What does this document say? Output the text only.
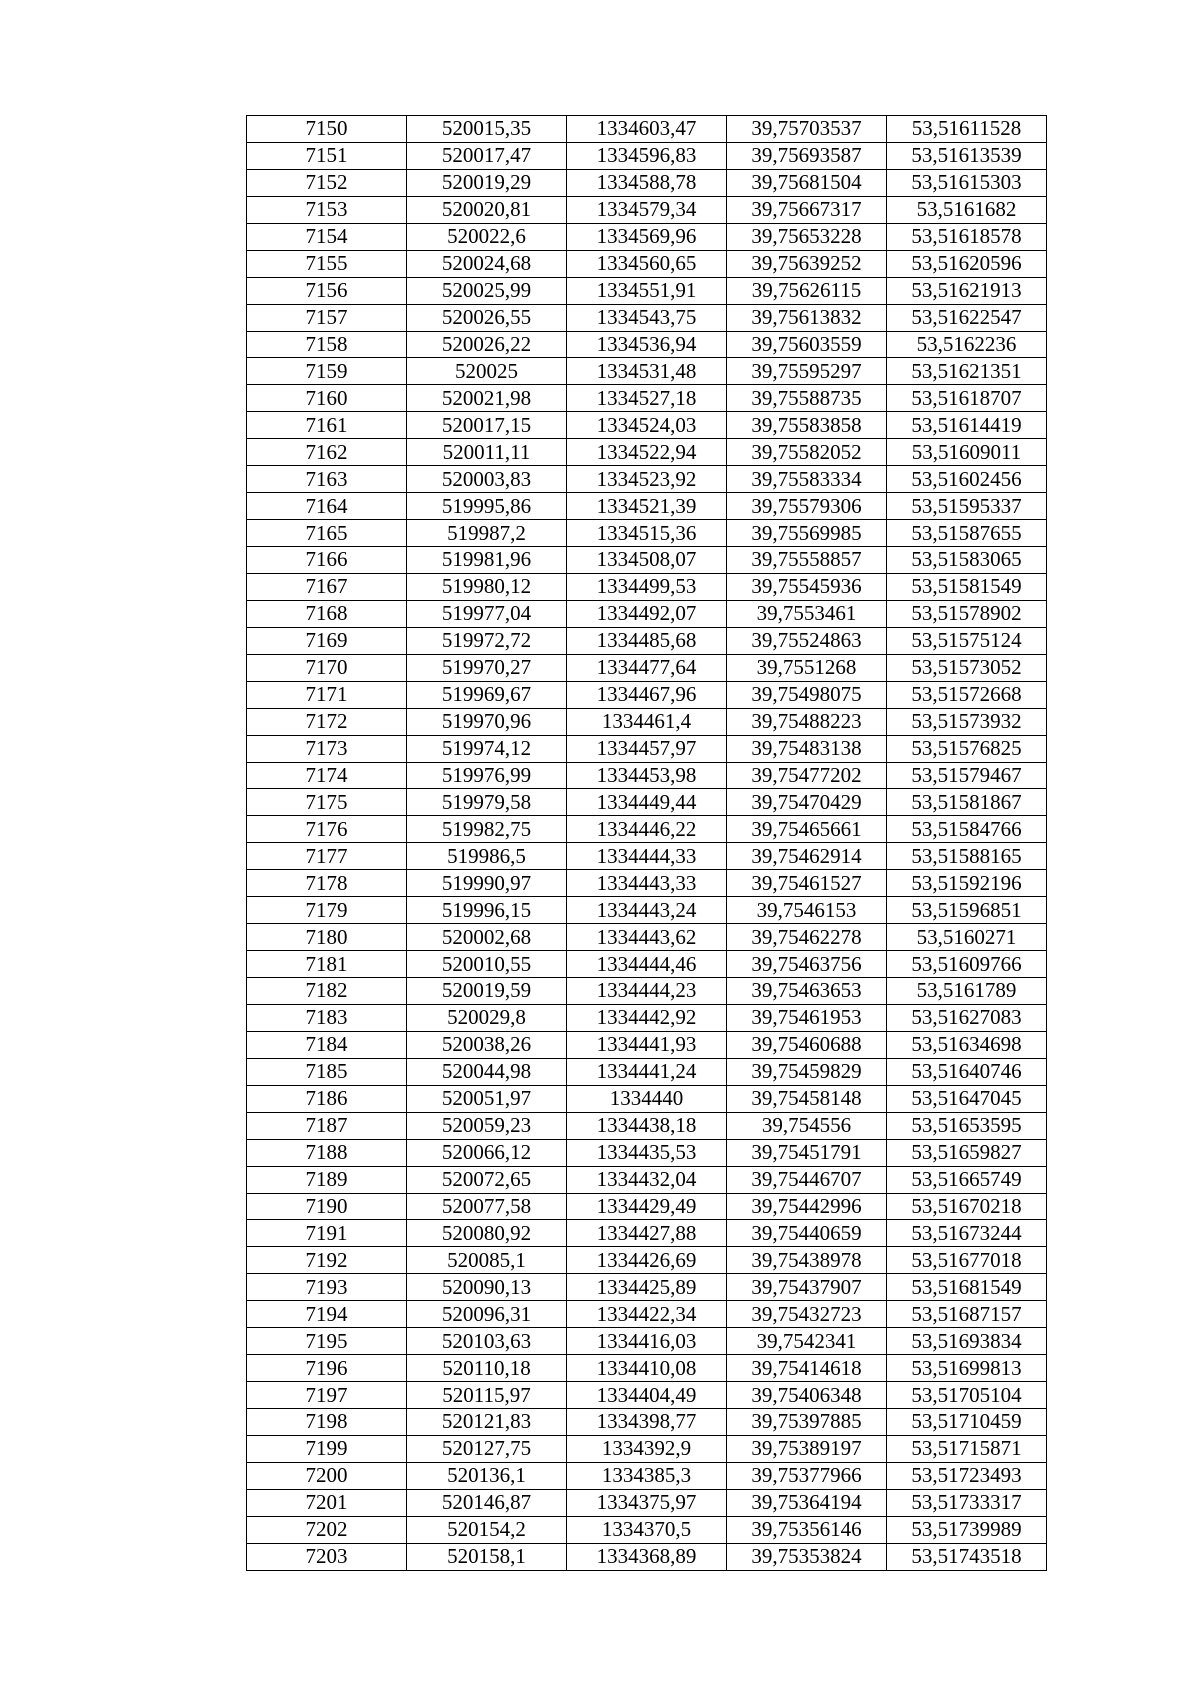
7150	520015,35	1334603,47	39,75703537	53,51611528
7151	520017,47	1334596,83	39,75693587	53,51613539
7152	520019,29	1334588,78	39,75681504	53,51615303
7153	520020,81	1334579,34	39,75667317	53,5161682
7154	520022,6	1334569,96	39,75653228	53,51618578
7155	520024,68	1334560,65	39,75639252	53,51620596
7156	520025,99	1334551,91	39,75626115	53,51621913
7157	520026,55	1334543,75	39,75613832	53,51622547
7158	520026,22	1334536,94	39,75603559	53,5162236
7159	520025	1334531,48	39,75595297	53,51621351
7160	520021,98	1334527,18	39,75588735	53,51618707
7161	520017,15	1334524,03	39,75583858	53,51614419
7162	520011,11	1334522,94	39,75582052	53,51609011
7163	520003,83	1334523,92	39,75583334	53,51602456
7164	519995,86	1334521,39	39,75579306	53,51595337
7165	519987,2	1334515,36	39,75569985	53,51587655
7166	519981,96	1334508,07	39,75558857	53,51583065
7167	519980,12	1334499,53	39,75545936	53,51581549
7168	519977,04	1334492,07	39,7553461	53,51578902
7169	519972,72	1334485,68	39,75524863	53,51575124
7170	519970,27	1334477,64	39,7551268	53,51573052
7171	519969,67	1334467,96	39,75498075	53,51572668
7172	519970,96	1334461,4	39,75488223	53,51573932
7173	519974,12	1334457,97	39,75483138	53,51576825
7174	519976,99	1334453,98	39,75477202	53,51579467
7175	519979,58	1334449,44	39,75470429	53,51581867
7176	519982,75	1334446,22	39,75465661	53,51584766
7177	519986,5	1334444,33	39,75462914	53,51588165
7178	519990,97	1334443,33	39,75461527	53,51592196
7179	519996,15	1334443,24	39,7546153	53,51596851
7180	520002,68	1334443,62	39,75462278	53,5160271
7181	520010,55	1334444,46	39,75463756	53,51609766
7182	520019,59	1334444,23	39,75463653	53,5161789
7183	520029,8	1334442,92	39,75461953	53,51627083
7184	520038,26	1334441,93	39,75460688	53,51634698
7185	520044,98	1334441,24	39,75459829	53,51640746
7186	520051,97	1334440	39,75458148	53,51647045
7187	520059,23	1334438,18	39,754556	53,51653595
7188	520066,12	1334435,53	39,75451791	53,51659827
7189	520072,65	1334432,04	39,75446707	53,51665749
7190	520077,58	1334429,49	39,75442996	53,51670218
7191	520080,92	1334427,88	39,75440659	53,51673244
7192	520085,1	1334426,69	39,75438978	53,51677018
7193	520090,13	1334425,89	39,75437907	53,51681549
7194	520096,31	1334422,34	39,75432723	53,51687157
7195	520103,63	1334416,03	39,7542341	53,51693834
7196	520110,18	1334410,08	39,75414618	53,51699813
7197	520115,97	1334404,49	39,75406348	53,51705104
7198	520121,83	1334398,77	39,75397885	53,51710459
7199	520127,75	1334392,9	39,75389197	53,51715871
7200	520136,1	1334385,3	39,75377966	53,51723493
7201	520146,87	1334375,97	39,75364194	53,51733317
7202	520154,2	1334370,5	39,75356146	53,51739989
7203	520158,1	1334368,89	39,75353824	53,51743518
